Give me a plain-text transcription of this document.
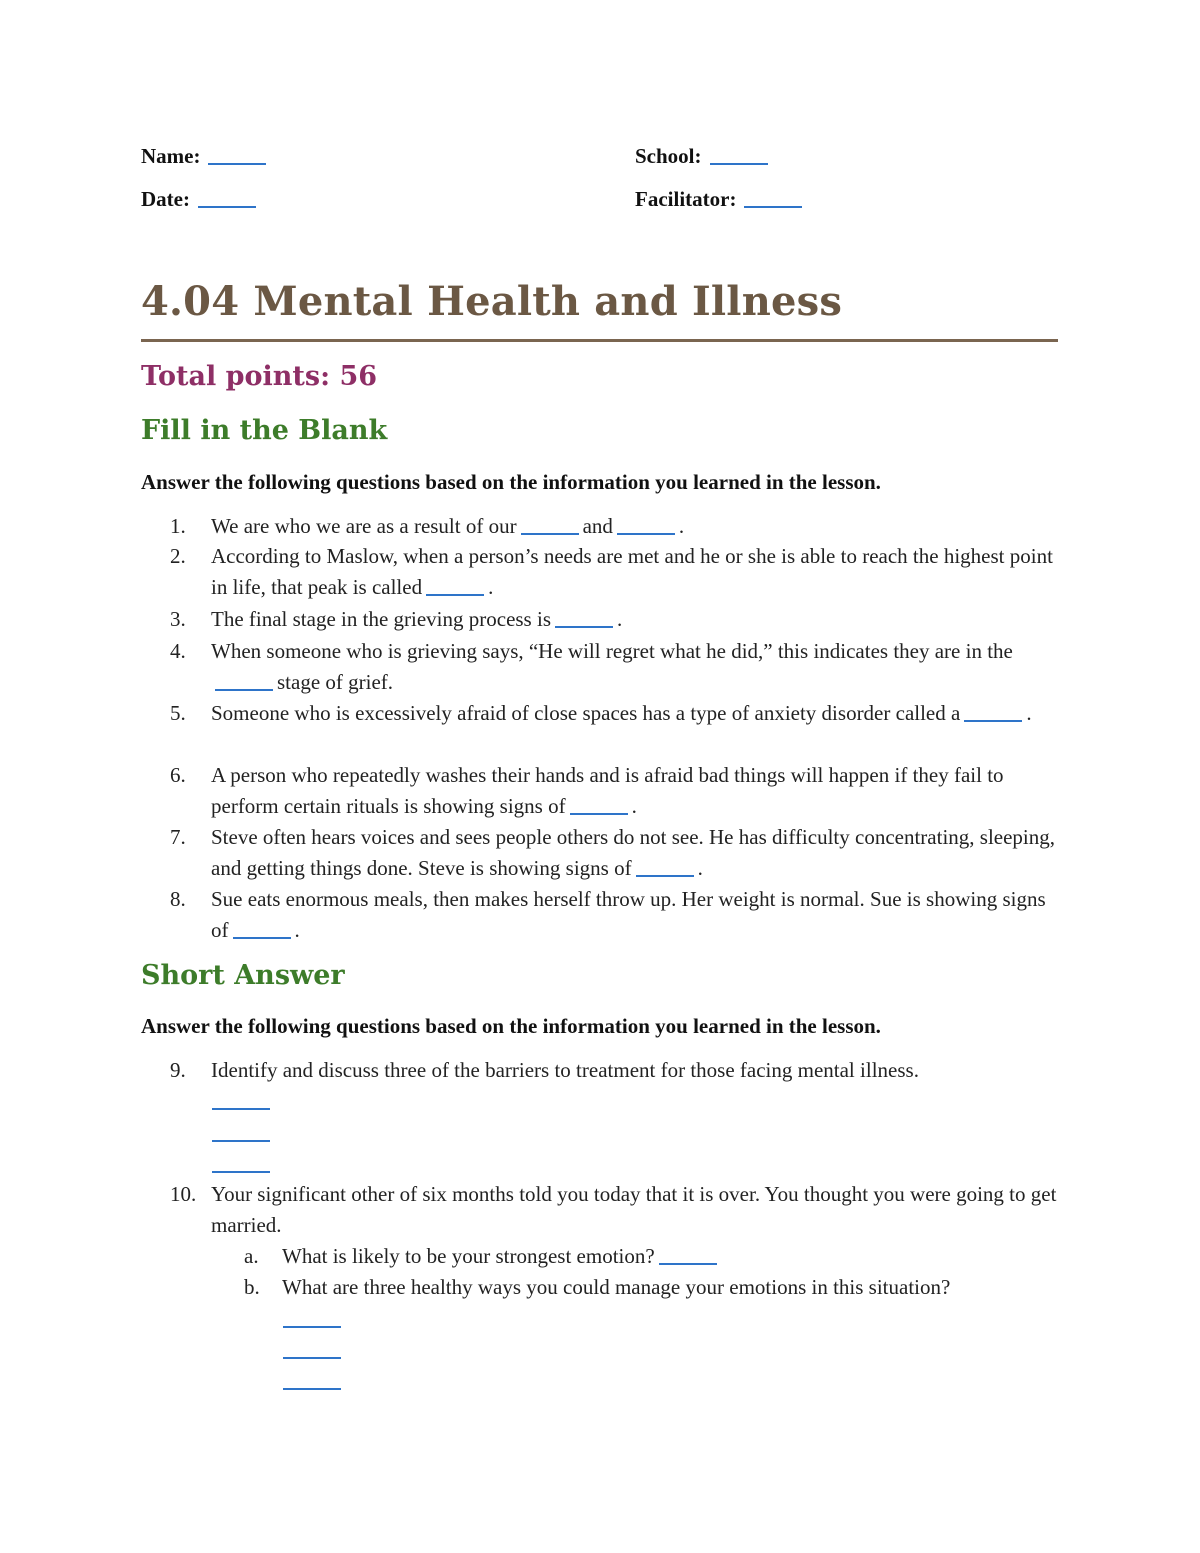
Name:	School:
Date:	Facilitator:
4.04 Mental Health and Illness
Total points: 56
Fill in the Blank

Answer the following questions based on the information you learned in the lesson.

1.	We are who we are as a result of our	and	.
2.	According to Maslow, when a person’s needs are met and he or she is able to reach the highest point in life, that peak is called	.
3.	The final stage in the grieving process is	.
4.	When someone who is grieving says, “He will regret what he did,” this indicates they are in thestage of grief.
5.	Someone who is excessively afraid of close spaces has a type of anxiety disorder called a	.
6.	A person who repeatedly washes their hands and is afraid bad things will happen if they fail to perform certain rituals is showing signs of	.
7.	Steve often hears voices and sees people others do not see. He has difficulty concentrating, sleeping, and getting things done. Steve is showing signs of	.
8.	Sue eats enormous meals, then makes herself throw up. Her weight is normal. Sue is showing signs of	.
Short Answer

Answer the following questions based on the information you learned in the lesson.

9.	Identify and discuss three of the barriers to treatment for those facing mental illness.
10. Your significant other of six months told you today that it is over. You thought you were going to get married.
a. What is likely to be your strongest emotion?
b. What are three healthy ways you could manage your emotions in this situation?
